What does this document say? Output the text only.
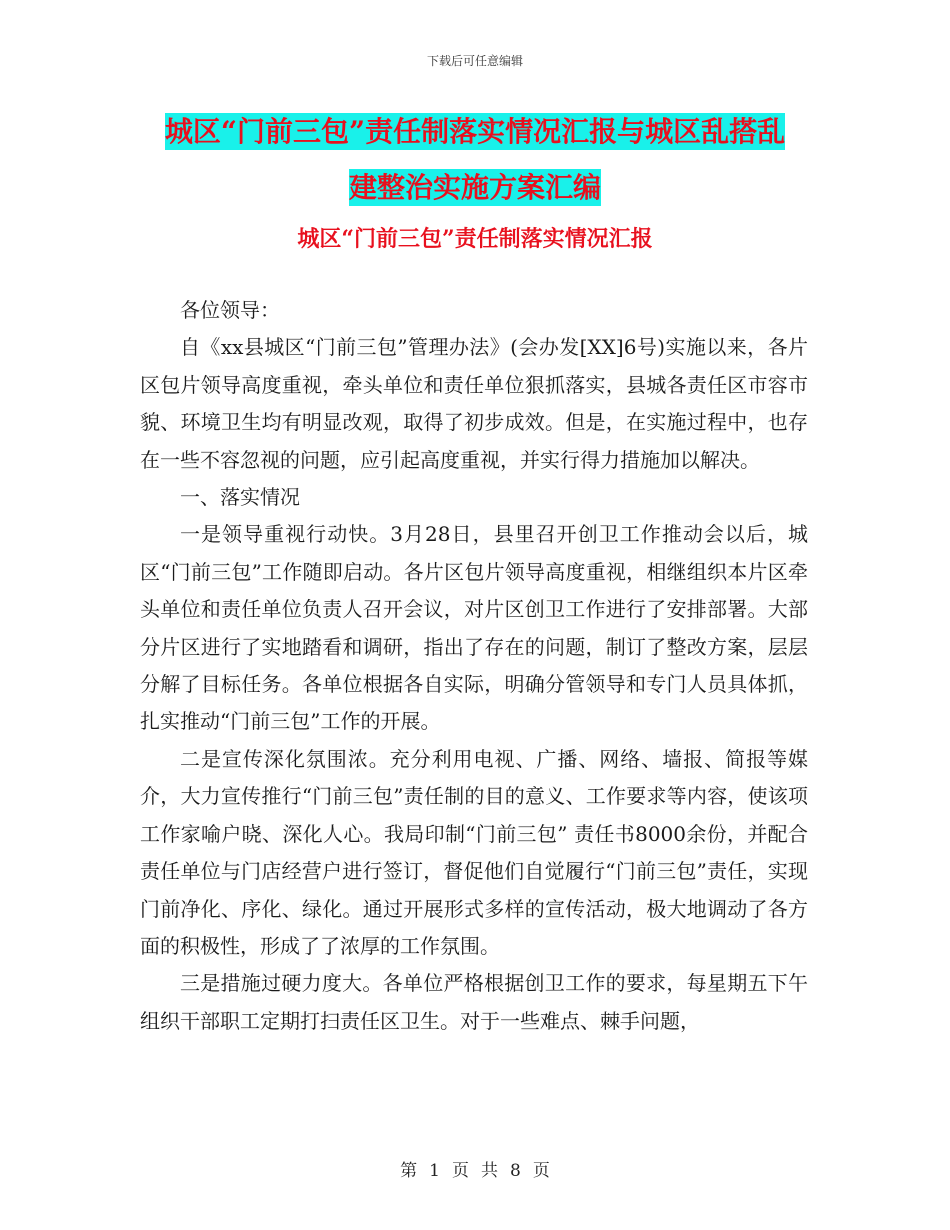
下载后可任意编辑
城区“门前三包”责任制落实情况汇报与城区乱搭乱
建整治实施方案汇编
城区“门前三包”责任制落实情况汇报

各位领导：

自《xx县城区“门前三包”管理办法》(会办发[XX]6号)实施以来，各片区包片领导高度重视，牵头单位和责任单位狠抓落实，县城各责任区市容市貌、环境卫生均有明显改观，取得了初步成效。但是，在实施过程中，也存在一些不容忽视的问题，应引起高度重视，并实行得力措施加以解决。

一、落实情况

一是领导重视行动快。3月28日，县里召开创卫工作推动会以后，城区“门前三包”工作随即启动。各片区包片领导高度重视，相继组织本片区牵头单位和责任单位负责人召开会议，对片区创卫工作进行了安排部署。大部分片区进行了实地踏看和调研，指出了存在的问题，制订了整改方案，层层分解了目标任务。各单位根据各自实际，明确分管领导和专门人员具体抓，扎实推动“门前三包”工作的开展。

二是宣传深化氛围浓。充分利用电视、广播、网络、墙报、简报等媒介，大力宣传推行“门前三包”责任制的目的意义、工作要求等内容，使该项工作家喻户晓、深化人心。我局印制“门前三包” 责任书8000余份，并配合责任单位与门店经营户进行签订，督促他们自觉履行“门前三包”责任，实现门前净化、序化、绿化。通过开展形式多样的宣传活动，极大地调动了各方面的积极性，形成了了浓厚的工作氛围。

三是措施过硬力度大。各单位严格根据创卫工作的要求，每星期五下午组织干部职工定期打扫责任区卫生。对于一些难点、棘手问题，

第 1 页 共 8 页
